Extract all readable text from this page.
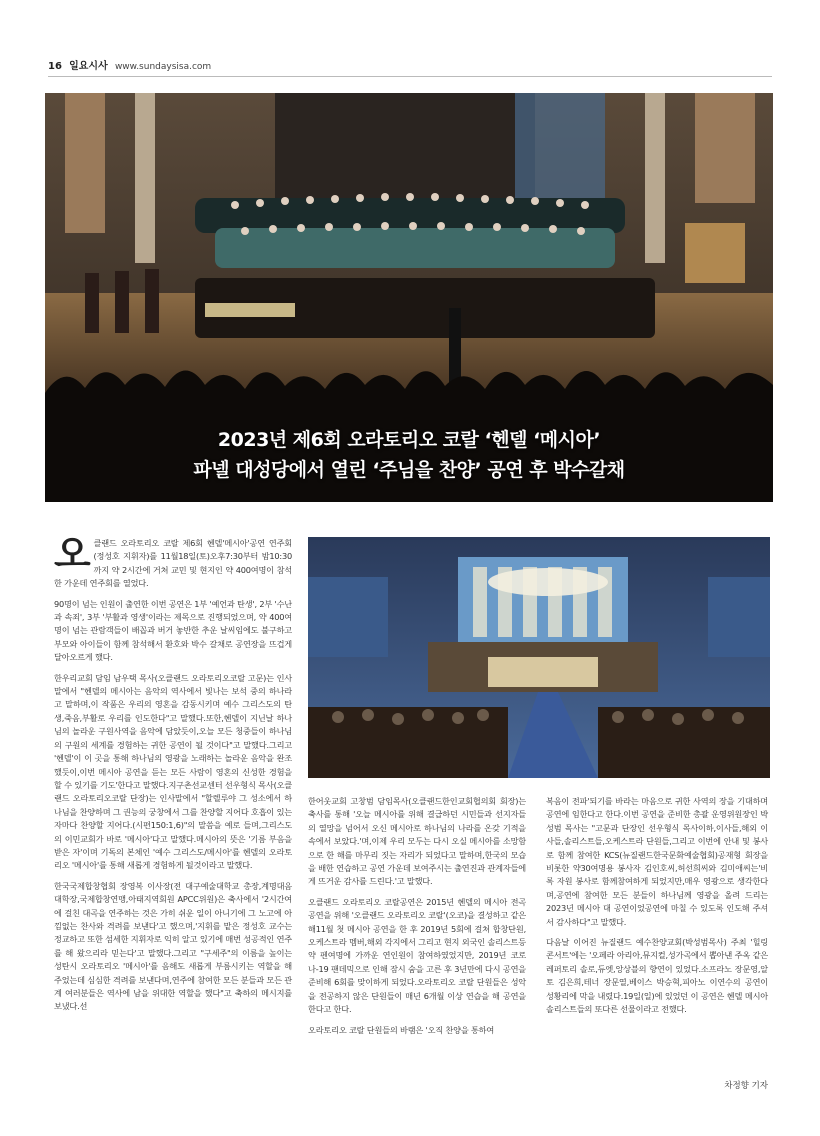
16 일요시사 www.sundaysisa.com
2023년 제6회 오라토리오 코랄 ‘헨델 ‘메시아’
파넬 대성당에서 열린 ‘주님을 찬양’ 공연 후 박수갈채

오클랜드 오라토리오 코랄 제6회 헨델'메시아'공연 연주회(정성호 지휘자)를 11월18일(토)오후7:30부터 밤10:30까지 약 2시간에 거쳐 교민 및 현지인 약 400여명이 참석한 가운데 연주회를 열었다.

90명이 넘는 인원이 출연한 이번 공연은 1부 '예언과 탄생', 2부 '수난과 속죄', 3부 '부활과 영생'이라는 제목으로 진행되었으며, 약 400여명이 넘는 관람객들이 배꼽과 버거 놓반한 추운 날씨임에도 불구하고 부모와 아이들이 함께 참석해서 환호와 박수 갈채로 공연장을 뜨겁게 달아오르게 했다.

한우리교회 담임 남우택 목사(오클랜드 오라토리오코랄 고문)는 인사말에서 "헨델의 메시아는 음악의 역사에서 빛나는 보석 중의 하나라고 말하며,이 작품은 우리의 영혼을 감동시키며 예수 그리스도의 탄생,죽음,부활로 우리를 인도한다"고 말했다.또한,헨델이 지닌날 하나님의 놀라운 구원사역을 음악에 담았듯이,오늘 모든 청중들이 하나님의 구원의 세계를 경험하는 귀한 공연이 될 것이다"고 말했다.그리고 '헨델'이 이 곳을 통해 하나님의 영광을 노래하는 놀라운 음악을 완조했듯이,이번 메시아 공연을 듣는 모든 사람이 영혼의 신성한 경험을 할 수 있기를 기도'한다고 말했다.지구촌선교센터 선우형식 목사(오클랜드 오라토리오코랄 단장)는 인사말에서 "할렐루야 그 성소에서 하나님을 찬양하며 그 권능의 궁창에서 그를 찬양할 지어다 호흡이 있는 자마다 찬양할 지어다.(시편150:1,6)"의 말씀을 예로 들며,그리스도의 이민교회가 바로 '메시아'다고 말했다.메시아의 뜻은 '기름 부음을 받은 자'이며 기독의 본체인 '예수 그리스도/메시아'를 헨델의 오라토리오 '메시아'를 통해 새롭게 경험하게 될것이라고 말했다.

한국국제합창협회 장영복 이사장(전 대구예술대학교 총장,계명대음대학장,국제합창연맹,아태지역회원 APCC위원)은 축사에서 '2시간여에 걸친 대곡을 연주하는 것은 가히 쉬운 일이 아니기에 그 노고에 아낌없는 찬사와 격려를 보낸다'고 했으며,'지휘를 맡은 정성호 교수는 정교하고 또한 섬세한 지휘자로 익히 알고 있기에 매번 성공적인 연주를 해 왔으리라 믿는다'고 말했다.그리고 "구세주"의 이름을 높이는 성탄시 오라토리오 '메시아'를 음해도 새롭게 부름시키는 역할을 해 주었는데 심심한 격려를 보낸다며,연주에 참여한 모든 분들과 모든 관계 여러분들은 역사에 남을 위대한 역할을 했다"고 축하의 메시지를 보냈다.선

한어웃교회 고창범 담임목사(오클랜드한인교회협의회 회장)는 축사를 통해 '오늘 메시아를 위해 결급하던 시민들과 선지자들의 열망을 넘어서 오신 메시아로 하나님의 나라를 온갖 기적을 속에서 보았다.'며,이제 우리 모두는 다시 오실 메시아를 소망함으로 한 해를 마무리 짓는 자리가 되었다고 말하며,한국의 모습을 배한 연습하고 공연 가운데 보여주시는 출연진과 관계자들에게 뜨거운 감사를 드린다.'고 말했다.

오클랜드 오라토리오 코랄공연은 2015년 헨델의 메시아 전곡 공연을 위해 '오클랜드 오라토리오 코랄'(오코)을 결성하고 같은 해11월 첫 메시아 공연을 한 후 2019년 5회에 걸쳐 합창단원,오케스트라 멤버,해외 각지에서 그리고 현지 외국인 솔리스트등 약 펜여명에 가까운 연인원이 참여하였었지만, 2019년 코로나-19 팬데믹으로 인해 잠시 숨을 고른 후 3년만에 다시 공연을 준비해 6회를 맞이하게 되었다.오라토리오 코랄 단원들은 성악을 전공하지 않은 단원들이 매년 6개월 이상 연습을 해 공연을 한다고 한다.

오라토리오 코랄 단원들의 바램은 '오직 찬양을 통하여

복음이 전파'되기를 바라는 마음으로 귀한 사역의 장을 기대하며 공연에 임한다고 한다.이번 공연을 준비한 총괄 운영위원장인 박성범 목사는 "고문과 단장인 선우형식 목사이하,이사들,해외 이사들,솔리스트들,오케스트라 단원들,그리고 이번에 안내 및 봉사로 함께 참여한 KCS(뉴질랜드한국문화예술협회)공재형 회장을 비롯한 약30여명용 봉사자 김인호씨,허선희씨와 김미애씨는'비록 자원 봉사로 함께참여하게 되었지만,매우 영광으로 생각한다며,공연에 참여한 모든 분들이 하나님께 영광을 올려 드리는 2023년 메시아 대 공연이었공연에 마칠 수 있도록 인도해 주셔서 감사하다"고 말했다.

다음날 이어진 뉴질랜드 예수찬양교회(박성범목사) 주최 '힐링 콘서트'에는 '오페라 아리아,뮤지컬,성가곡에서 뽑아낸 주옥 같은 레퍼토리 솔로,듀엣,앙상블의 향연이 있었다.소프라노 장문영,알토 김은희,테너 장문열,베이스 박승혁,피아노 이연수의 공연이 성황리에 막을 내렸다.19일(일)에 있었던 이 공연은 헨델 메시아 솔리스트들의 또다른 선물이라고 전했다.

차정향 기자
